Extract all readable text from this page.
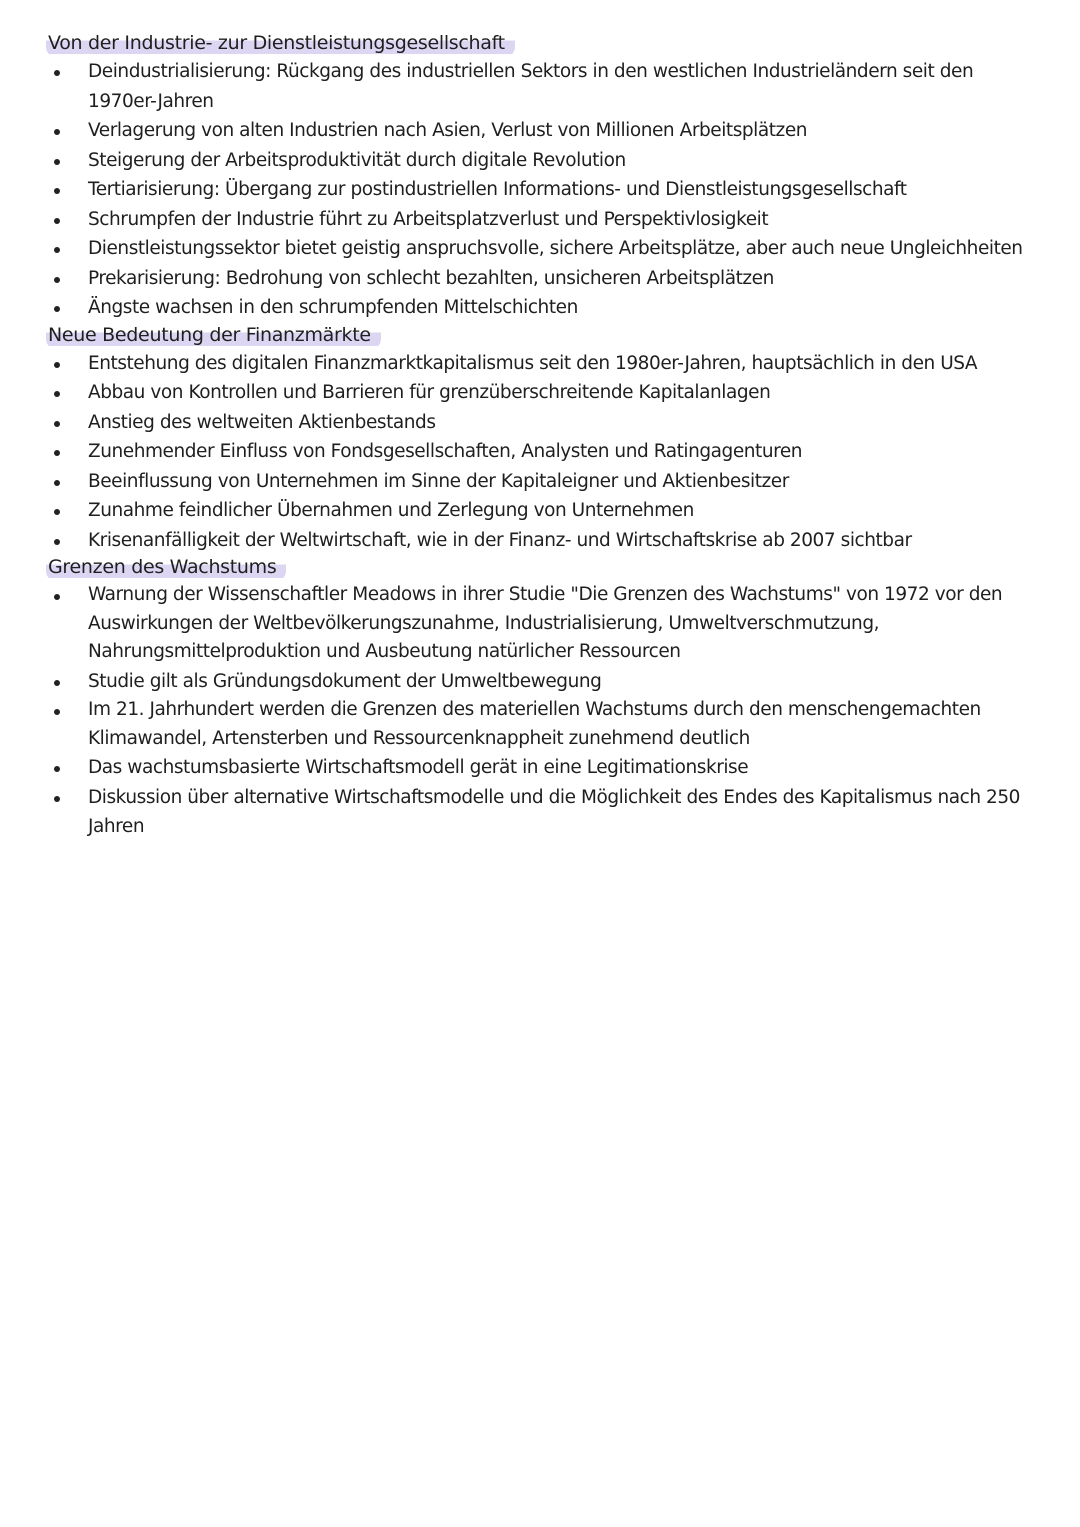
Von der Industrie- zur Dienstleistungsgesellschaft
Deindustrialisierung: Rückgang des industriellen Sektors in den westlichen Industrieländern seit den 1970er-Jahren
Verlagerung von alten Industrien nach Asien, Verlust von Millionen Arbeitsplätzen
Steigerung der Arbeitsproduktivität durch digitale Revolution
Tertiarisierung: Übergang zur postindustriellen Informations- und Dienstleistungsgesellschaft
Schrumpfen der Industrie führt zu Arbeitsplatzverlust und Perspektivlosigkeit
Dienstleistungssektor bietet geistig anspruchsvolle, sichere Arbeitsplätze, aber auch neue Ungleichheiten
Prekarisierung: Bedrohung von schlecht bezahlten, unsicheren Arbeitsplätzen
Ängste wachsen in den schrumpfenden Mittelschichten
Neue Bedeutung der Finanzmärkte
Entstehung des digitalen Finanzmarktkapitalismus seit den 1980er-Jahren, hauptsächlich in den USA
Abbau von Kontrollen und Barrieren für grenzüberschreitende Kapitalanlagen
Anstieg des weltweiten Aktienbestands
Zunehmender Einfluss von Fondsgesellschaften, Analysten und Ratingagenturen
Beeinflussung von Unternehmen im Sinne der Kapitaleigner und Aktienbesitzer
Zunahme feindlicher Übernahmen und Zerlegung von Unternehmen
Krisenanfälligkeit der Weltwirtschaft, wie in der Finanz- und Wirtschaftskrise ab 2007 sichtbar
Grenzen des Wachstums
Warnung der Wissenschaftler Meadows in ihrer Studie "Die Grenzen des Wachstums" von 1972 vor den Auswirkungen der Weltbevölkerungszunahme, Industrialisierung, Umweltverschmutzung, Nahrungsmittelproduktion und Ausbeutung natürlicher Ressourcen
Studie gilt als Gründungsdokument der Umweltbewegung
Im 21. Jahrhundert werden die Grenzen des materiellen Wachstums durch den menschengemachten Klimawandel, Artensterben und Ressourcenknappheit zunehmend deutlich
Das wachstumsbasierte Wirtschaftsmodell gerät in eine Legitimationskrise
Diskussion über alternative Wirtschaftsmodelle und die Möglichkeit des Endes des Kapitalismus nach 250 Jahren
